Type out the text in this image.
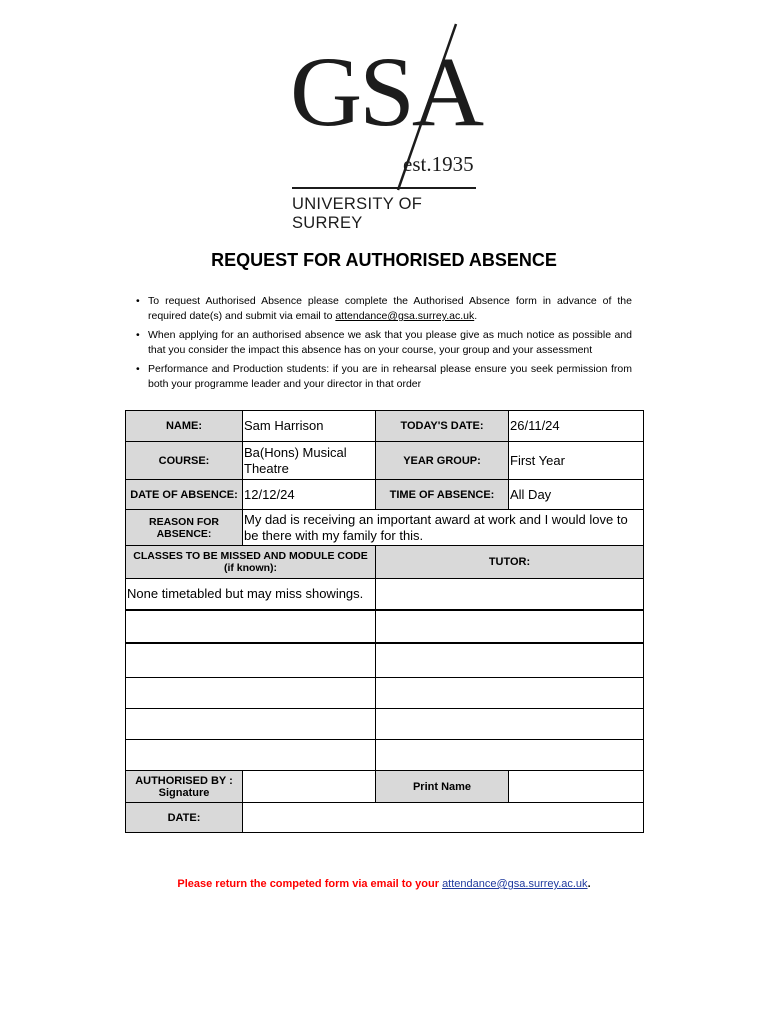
GSA
est.1935
UNIVERSITY OF SURREY
REQUEST FOR AUTHORISED ABSENCE
• To request Authorised Absence please complete the Authorised Absence form in advance of the required date(s) and submit via email to attendance@gsa.surrey.ac.uk.
• When applying for an authorised absence we ask that you please give as much notice as possible and that you consider the impact this absence has on your course, your group and your assessment
• Performance and Production students: if you are in rehearsal please ensure you seek permission from both your programme leader and your director in that order
NAME:	Sam Harrison	TODAY'S DATE:	26/11/24
COURSE:	Ba(Hons) Musical Theatre	YEAR GROUP:	First Year
DATE OF ABSENCE:	12/12/24	TIME OF ABSENCE:	All Day
REASON FOR ABSENCE:	My dad is receiving an important award at work and I would love to be there with my family for this.		
CLASSES TO BE MISSED AND MODULE CODE (if known):		TUTOR:	
None timetabled but may miss showings.			

AUTHORISED BY : Signature		Print Name	
DATE:			
Please return the competed form via email to your attendance@gsa.surrey.ac.uk.
